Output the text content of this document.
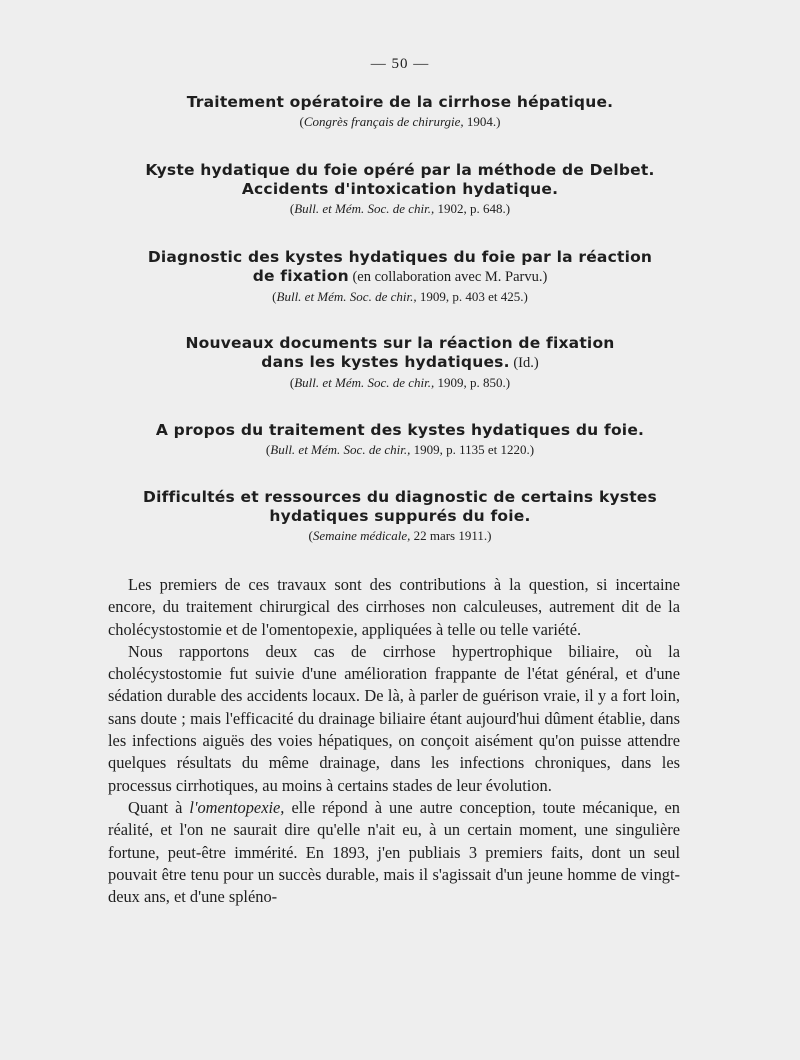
— 50 —
Traitement opératoire de la cirrhose hépatique.
(Congrès français de chirurgie, 1904.)
Kyste hydatique du foie opéré par la méthode de Delbet.
Accidents d'intoxication hydatique.
(Bull. et Mém. Soc. de chir., 1902, p. 648.)
Diagnostic des kystes hydatiques du foie par la réaction
de fixation (en collaboration avec M. Parvu.)
(Bull. et Mém. Soc. de chir., 1909, p. 403 et 425.)
Nouveaux documents sur la réaction de fixation
dans les kystes hydatiques. (Id.)
(Bull. et Mém. Soc. de chir., 1909, p. 850.)
A propos du traitement des kystes hydatiques du foie.
(Bull. et Mém. Soc. de chir., 1909, p. 1135 et 1220.)
Difficultés et ressources du diagnostic de certains kystes
hydatiques suppurés du foie.
(Semaine médicale, 22 mars 1911.)

Les premiers de ces travaux sont des contributions à la question, si incertaine encore, du traitement chirurgical des cirrhoses non calculeuses, autrement dit de la cholécystostomie et de l'omentopexie, appliquées à telle ou telle variété.

Nous rapportons deux cas de cirrhose hypertrophique biliaire, où la cholécystostomie fut suivie d'une amélioration frappante de l'état général, et d'une sédation durable des accidents locaux. De là, à parler de guérison vraie, il y a fort loin, sans doute ; mais l'efficacité du drainage biliaire étant aujourd'hui dûment établie, dans les infections aiguës des voies hépatiques, on conçoit aisément qu'on puisse attendre quelques résultats du même drainage, dans les infections chroniques, dans les processus cirrhotiques, au moins à certains stades de leur évolution.

Quant à l'omentopexie, elle répond à une autre conception, toute mécanique, en réalité, et l'on ne saurait dire qu'elle n'ait eu, à un certain moment, une singulière fortune, peut-être immérité. En 1893, j'en publiais 3 premiers faits, dont un seul pouvait être tenu pour un succès durable, mais il s'agissait d'un jeune homme de vingt-deux ans, et d'une spléno-
